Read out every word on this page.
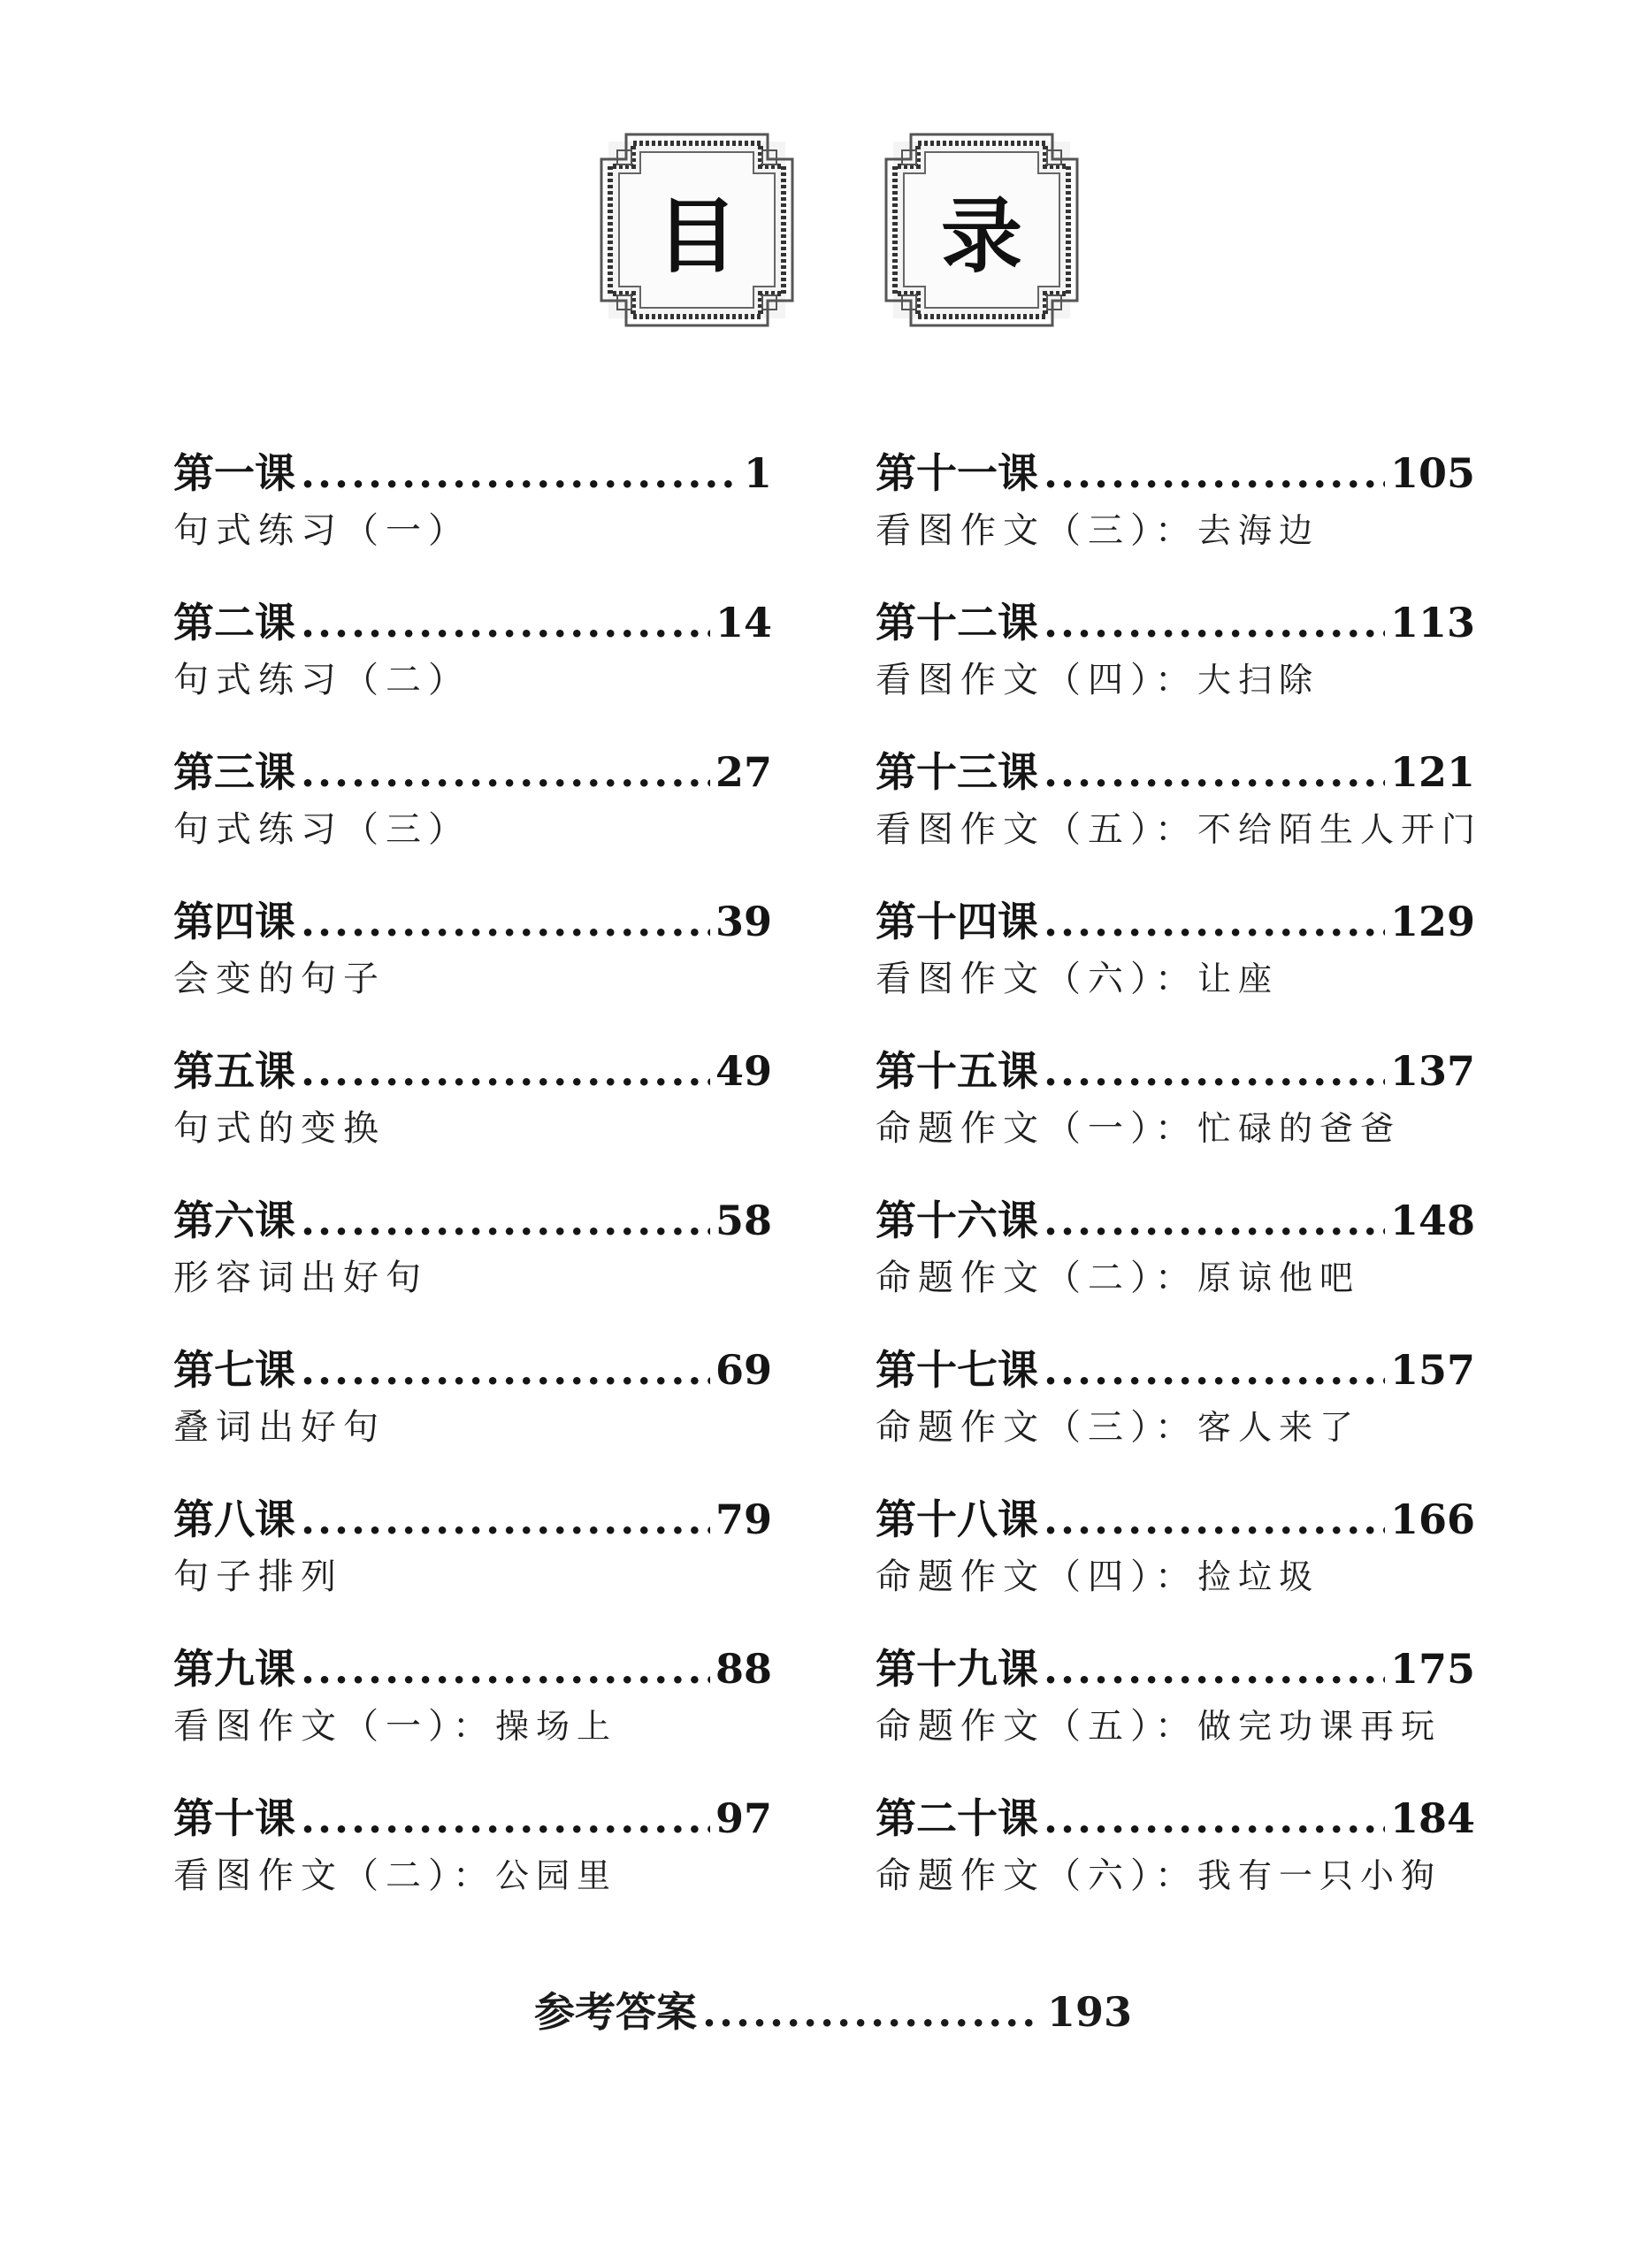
目	录
第一课 .....	1
句式练习（一）
第二课 .....	14
句式练习（二）
第三课 .....	27
句式练习（三）
第四课 .....	39
会变的句子
第五课 .....	49
句式的变换
第六课 .....	58
形容词出好句
第七课 .....	69
叠词出好句
第八课 .....	79
句子排列
第九课 .....	88
看图作文（一）：操场上
第十课 .....	97
看图作文（二）：公园里
第十一课 .....	105
看图作文（三）：去海边
第十二课 .....	113
看图作文（四）：大扫除
第十三课 .....	121
看图作文（五）：不给陌生人开门
第十四课 .....	129
看图作文（六）：让座
第十五课 .....	137
命题作文（一）：忙碌的爸爸
第十六课 .....	148
命题作文（二）：原谅他吧
第十七课 .....	157
命题作文（三）：客人来了
第十八课 .....	166
命题作文（四）：捡垃圾
第十九课 .....	175
命题作文（五）：做完功课再玩
第二十课 .....	184
命题作文（六）：我有一只小狗
参考答案 .....	193
